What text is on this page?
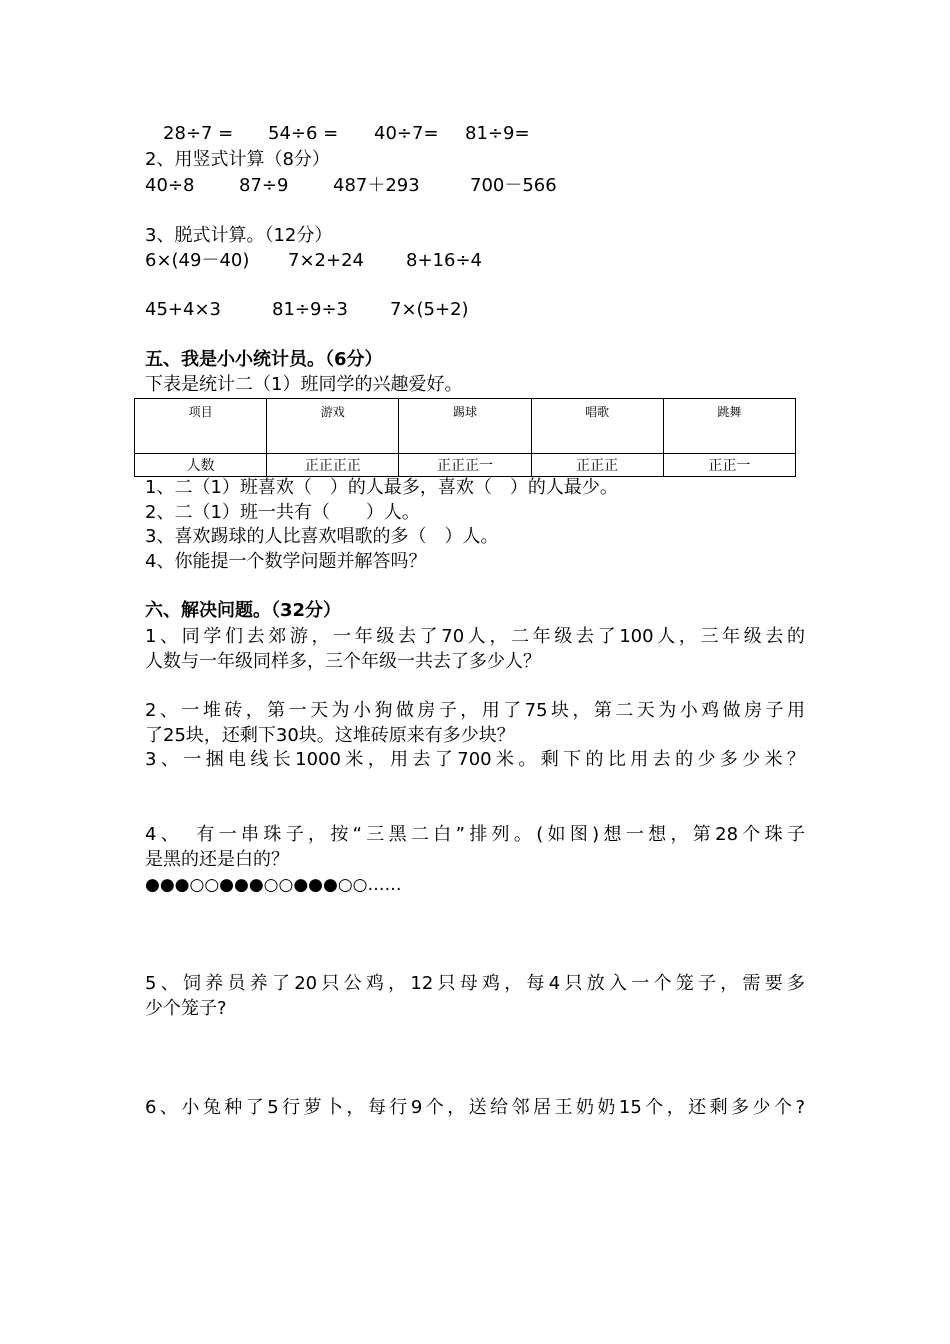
28÷7 = 54÷6 = 40÷7= 81÷9=
2、用竖式计算（8分）
40÷8 87÷9 487＋293	700－566
3、脱式计算。（12分）
6×(49－40) 7×2+24 8+16÷4
45+4×3	81÷9÷3 7×(5+2)
五、我是小小统计员。（6分）
下表是统计二（1）班同学的兴趣爱好。
项目	游戏	踢球	唱歌	跳舞
人数	正正正正	正正正一	正正正	正正一
1、二（1）班喜欢（　）的人最多，喜欢（　）的人最少。
2、二（1）班一共有（　　）人。
3、喜欢踢球的人比喜欢唱歌的多（　）人。
4、你能提一个数学问题并解答吗？
六、解决问题。（32分）
1、同学们去郊游，一年级去了70人，二年级去了100人，三年级去的
人数与一年级同样多，三个年级一共去了多少人？
2、一堆砖，第一天为小狗做房子，用了75块，第二天为小鸡做房子用
了25块，还剩下30块。这堆砖原来有多少块？
3、一捆电线长1000米，用去了700米。剩下的比用去的少多少米？
4、　有一串珠子，按“三黑二白”排列。(如图)想一想，第28个珠子
是黑的还是白的？
●●●○○●●●○○●●●○○……
5、饲养员养了20只公鸡，12只母鸡，每4只放入一个笼子，需要多
少个笼子?
6、小兔种了5行萝卜，每行9个，送给邻居王奶奶15个，还剩多少个?
